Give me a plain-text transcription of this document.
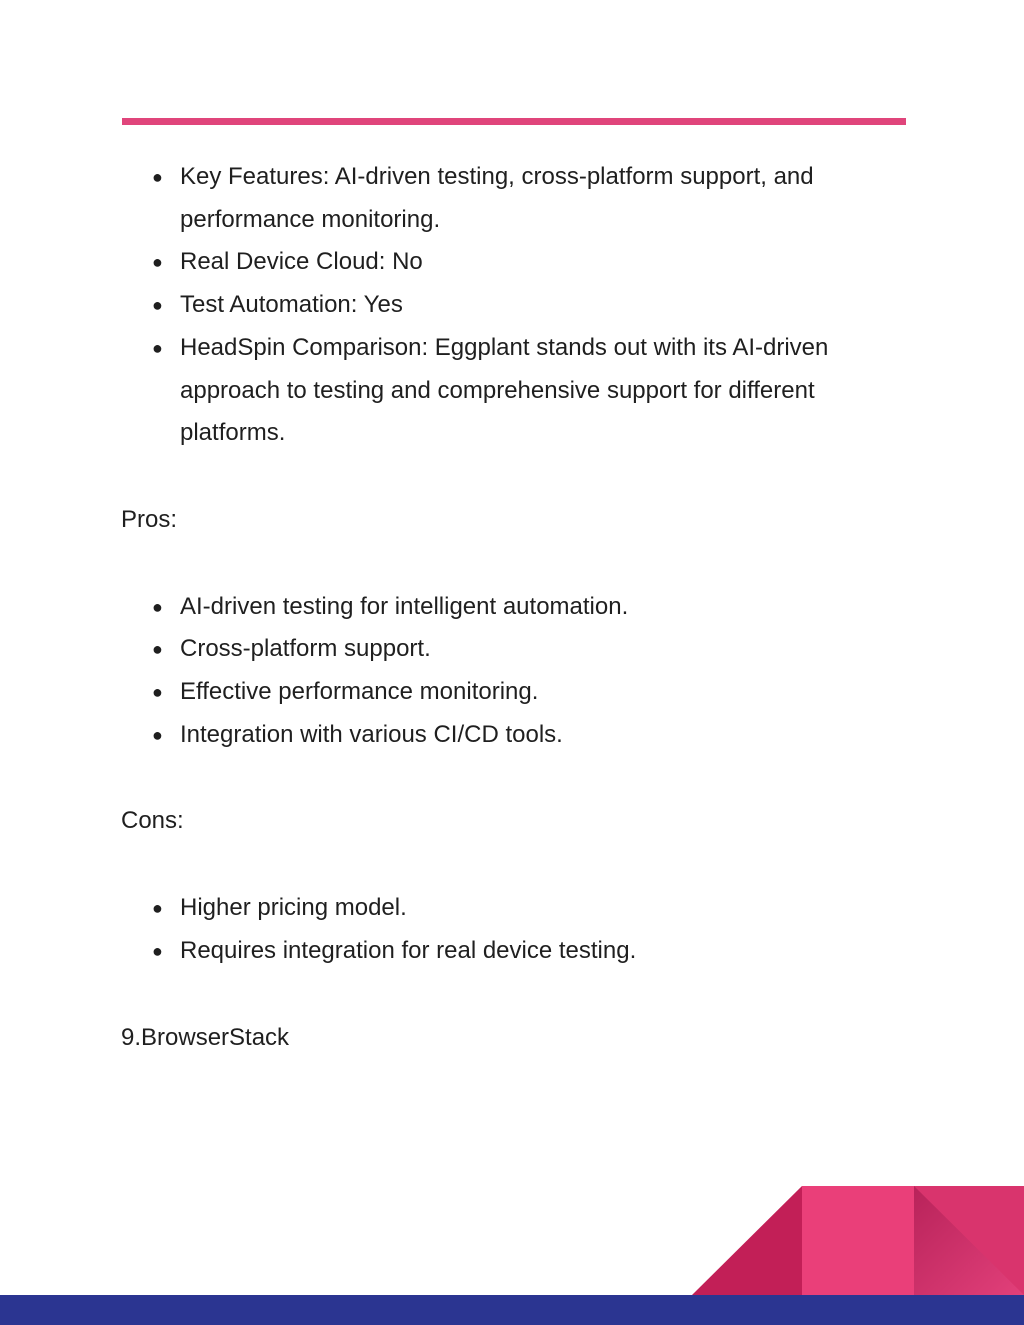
● Key Features: AI-driven testing, cross-platform support, and performance monitoring.
● Real Device Cloud: No
● Test Automation: Yes
● HeadSpin Comparison: Eggplant stands out with its AI-driven approach to testing and comprehensive support for different platforms.

Pros:

● AI-driven testing for intelligent automation.
● Cross-platform support.
● Effective performance monitoring.
● Integration with various CI/CD tools.

Cons:

● Higher pricing model.
● Requires integration for real device testing.

9.BrowserStack
